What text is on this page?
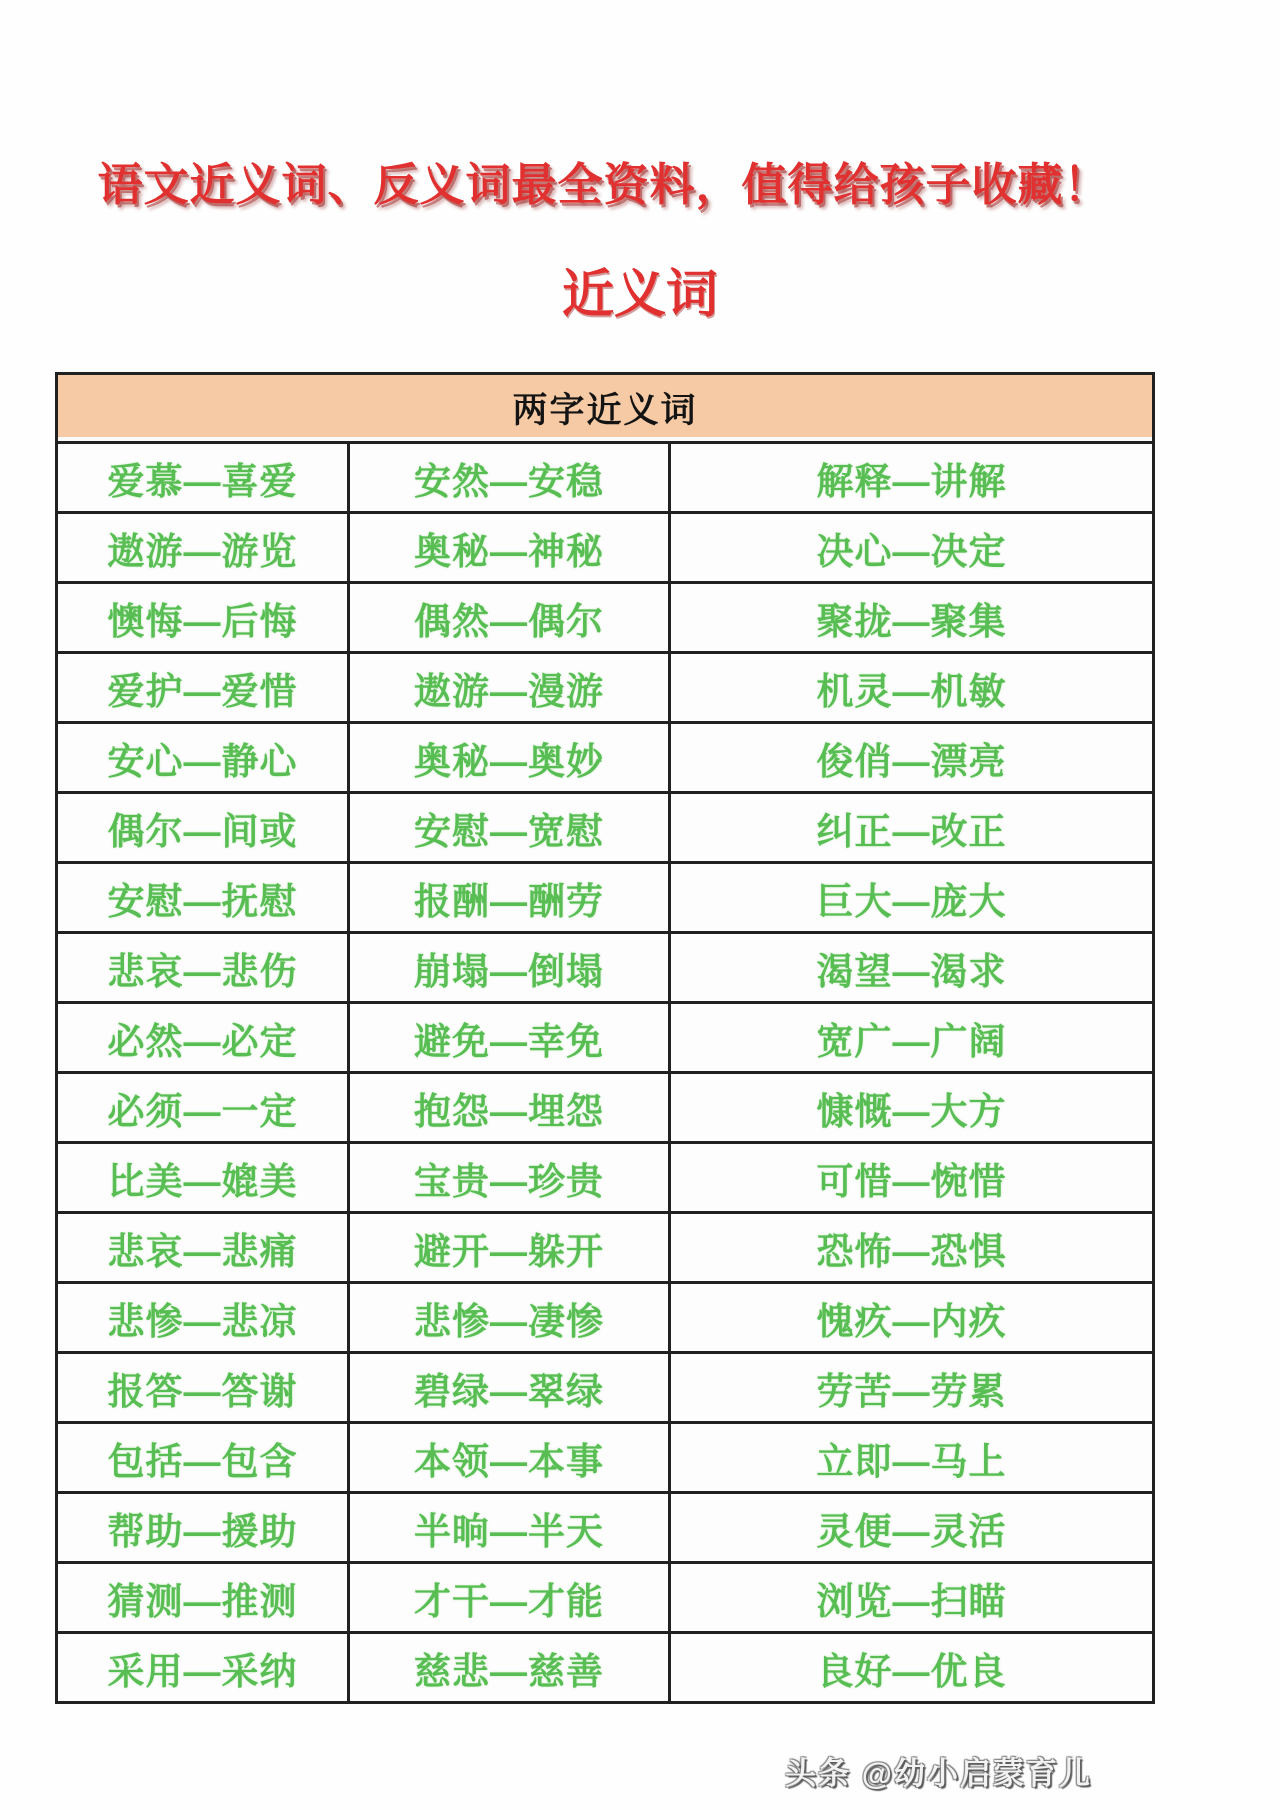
语文近义词、反义词最全资料，值得给孩子收藏！
近义词
两字近义词		
爱慕—喜爱	安然—安稳	解释—讲解
遨游—游览	奥秘—神秘	决心—决定
懊悔—后悔	偶然—偶尔	聚拢—聚集
爱护—爱惜	遨游—漫游	机灵—机敏
安心—静心	奥秘—奥妙	俊俏—漂亮
偶尔—间或	安慰—宽慰	纠正—改正
安慰—抚慰	报酬—酬劳	巨大—庞大
悲哀—悲伤	崩塌—倒塌	渴望—渴求
必然—必定	避免—幸免	宽广—广阔
必须—一定	抱怨—埋怨	慷慨—大方
比美—媲美	宝贵—珍贵	可惜—惋惜
悲哀—悲痛	避开—躲开	恐怖—恐惧
悲惨—悲凉	悲惨—凄惨	愧疚—内疚
报答—答谢	碧绿—翠绿	劳苦—劳累
包括—包含	本领—本事	立即—马上
帮助—援助	半晌—半天	灵便—灵活
猜测—推测	才干—才能	浏览—扫瞄
采用—采纳	慈悲—慈善	良好—优良
头条 @幼小启蒙育儿
